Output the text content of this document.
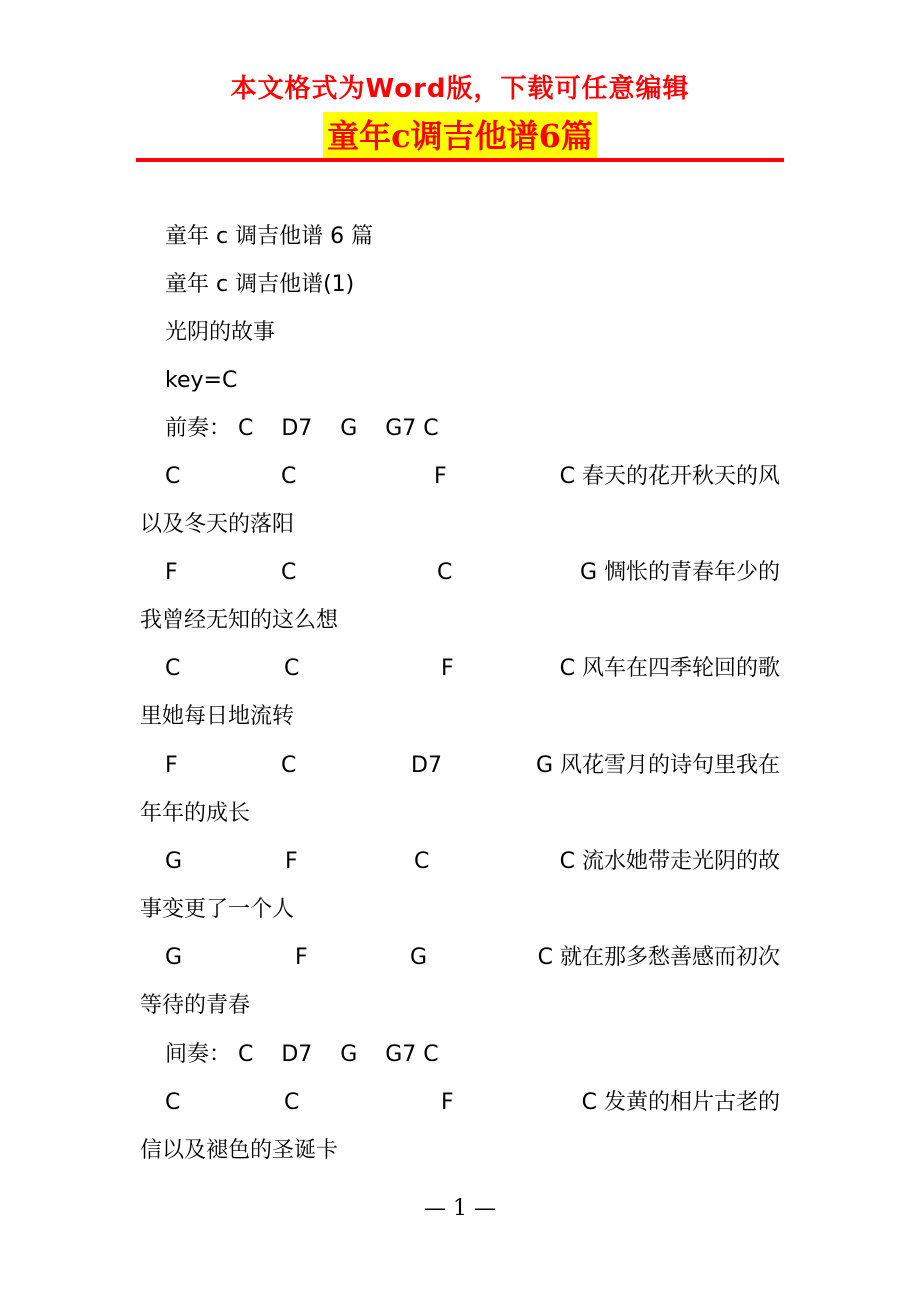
本文格式为Word版，下载可任意编辑
童年c调吉他谱6篇
童年 c 调吉他谱 6 篇
童年 c 调吉他谱(1)
光阴的故事
key=C
前奏： C    D7    G    G7 C
C	C	F	C 春天的花开秋天的风
以及冬天的落阳
F	C	C	G 惆怅的青春年少的
我曾经无知的这么想
C	C	F	C 风车在四季轮回的歌
里她每日地流转
F	C	D7	G 风花雪月的诗句里我在
年年的成长
G	F	C	C 流水她带走光阴的故
事变更了一个人
G	F	G	C 就在那多愁善感而初次
等待的青春
间奏： C    D7    G    G7 C
C	C	F	C 发黄的相片古老的
信以及褪色的圣诞卡
— 1 —
